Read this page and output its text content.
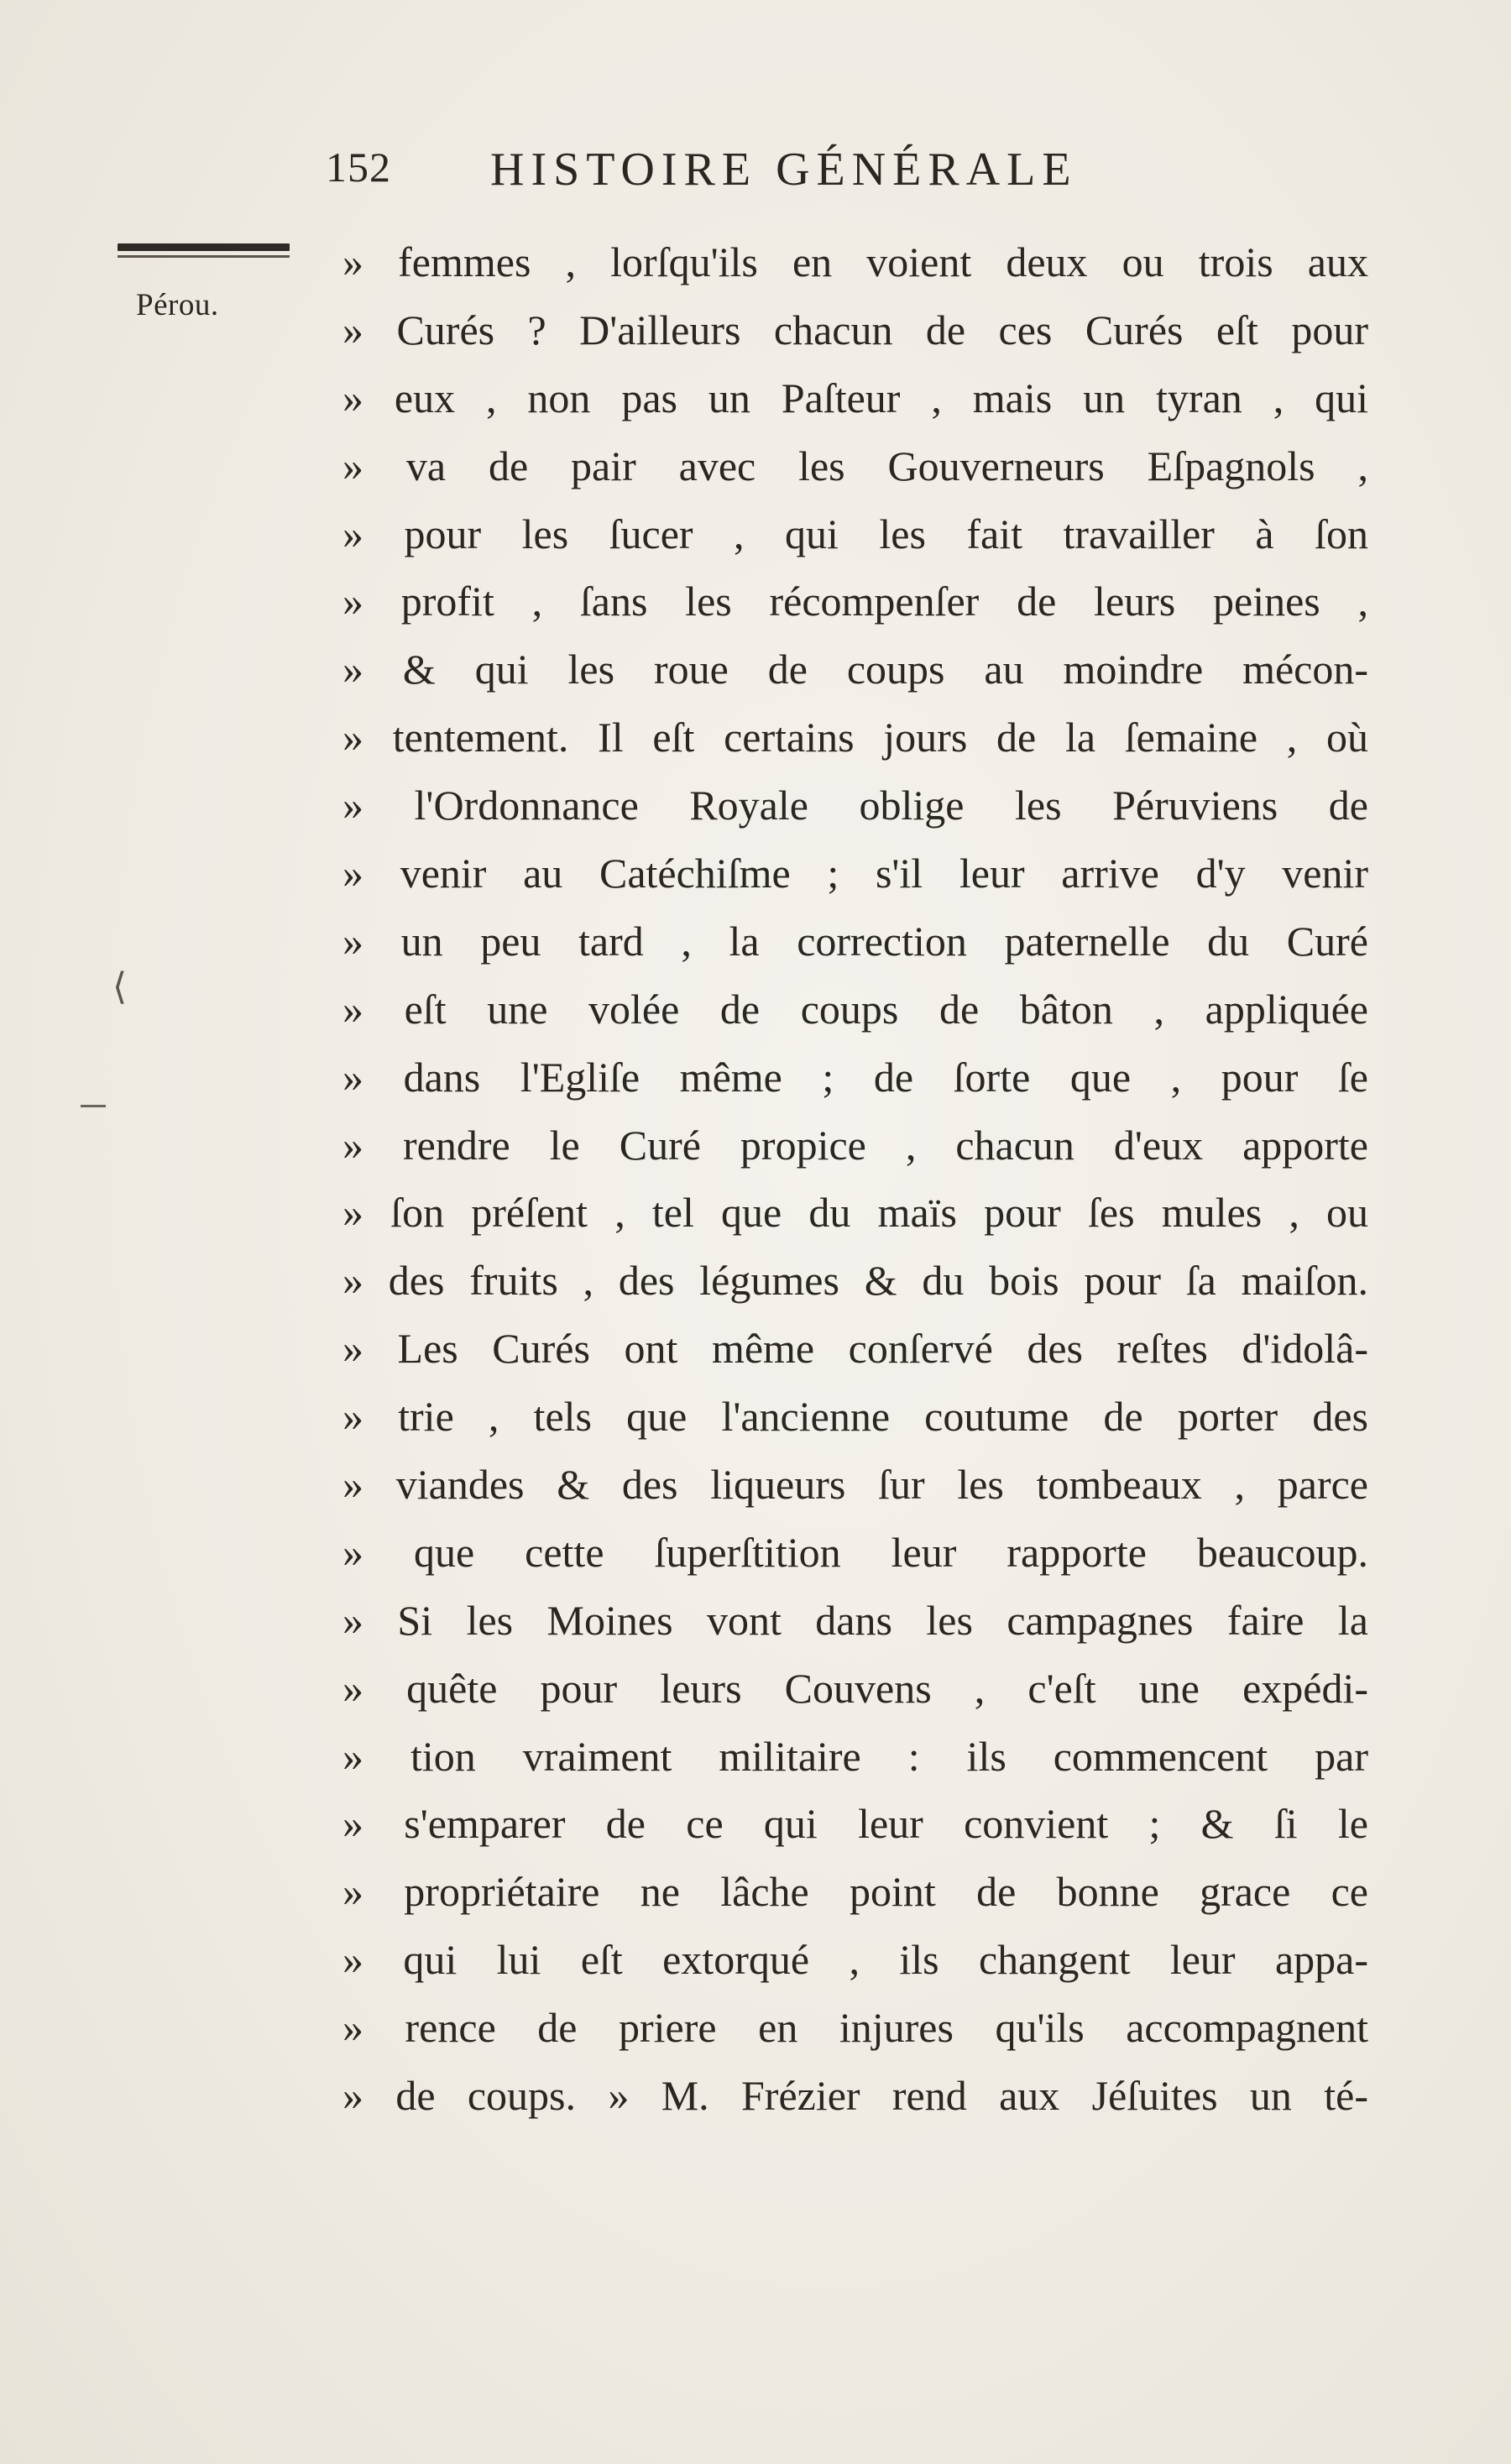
152 HISTOIRE GÉNÉRALE
Pérou.
⟨
» femmes , lorſqu'ils en voient deux ou trois aux
» Curés ? D'ailleurs chacun de ces Curés eſt pour
» eux , non pas un Paſteur , mais un tyran , qui
» va de pair avec les Gouverneurs Eſpagnols ,
» pour les ſucer , qui les fait travailler à ſon
» profit , ſans les récompenſer de leurs peines ,
» & qui les roue de coups au moindre mécon-
» tentement. Il eſt certains jours de la ſemaine , où
» l'Ordonnance Royale oblige les Péruviens de
» venir au Catéchiſme ; s'il leur arrive d'y venir
» un peu tard , la correction paternelle du Curé
» eſt une volée de coups de bâton , appliquée
» dans l'Egliſe même ; de ſorte que , pour ſe
» rendre le Curé propice , chacun d'eux apporte
» ſon préſent , tel que du maïs pour ſes mules , ou
» des fruits , des légumes & du bois pour ſa maiſon.
» Les Curés ont même conſervé des reſtes d'idolâ-
» trie , tels que l'ancienne coutume de porter des
» viandes & des liqueurs ſur les tombeaux , parce
» que cette ſuperſtition leur rapporte beaucoup.
» Si les Moines vont dans les campagnes faire la
» quête pour leurs Couvens , c'eſt une expédi-
» tion vraiment militaire : ils commencent par
» s'emparer de ce qui leur convient ; & ſi le
» propriétaire ne lâche point de bonne grace ce
» qui lui eſt extorqué , ils changent leur appa-
» rence de priere en injures qu'ils accompagnent
» de coups. » M. Frézier rend aux Jéſuites un té-
